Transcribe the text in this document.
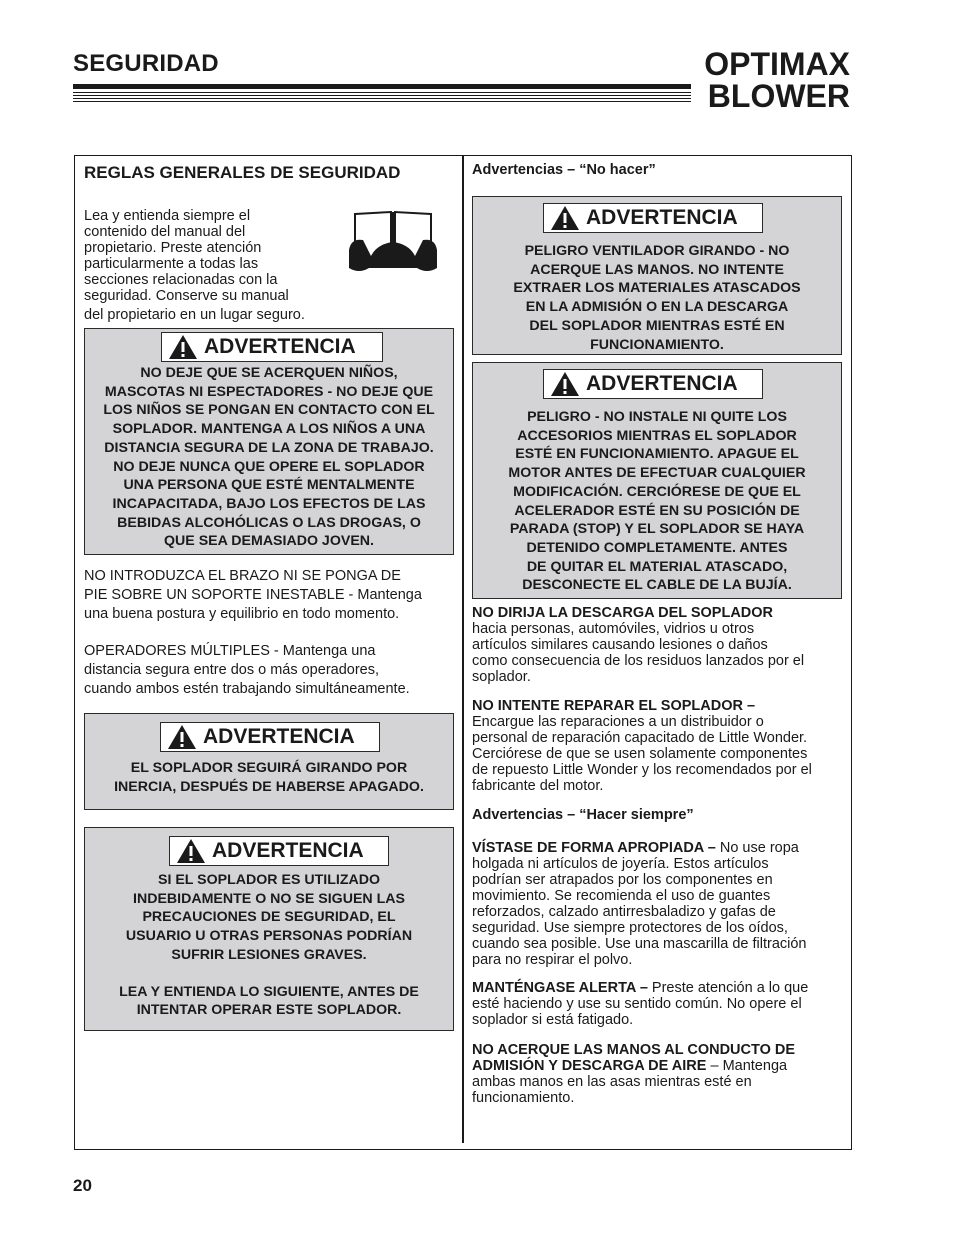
SEGURIDAD	OPTIMAX
BLOWER
REGLAS GENERALES DE SEGURIDAD
Lea y entienda siempre el
contenido del manual del
propietario. Preste atención
particularmente a todas las
secciones relacionadas con la
seguridad. Conserve su manual
del propietario en un lugar seguro.
ADVERTENCIA
NO DEJE QUE SE ACERQUEN NIÑOS,
MASCOTAS NI ESPECTADORES - NO DEJE QUE
LOS NIÑOS SE PONGAN EN CONTACTO CON EL
SOPLADOR. MANTENGA A LOS NIÑOS A UNA
DISTANCIA SEGURA DE LA ZONA DE TRABAJO.
NO DEJE NUNCA QUE OPERE EL SOPLADOR
UNA PERSONA QUE ESTÉ MENTALMENTE
INCAPACITADA, BAJO LOS EFECTOS DE LAS
BEBIDAS ALCOHÓLICAS O LAS DROGAS, O
QUE SEA DEMASIADO JOVEN.
NO INTRODUZCA EL BRAZO NI SE PONGA DE
PIE SOBRE UN SOPORTE INESTABLE - Mantenga
una buena postura y equilibrio en todo momento.
OPERADORES MÚLTIPLES - Mantenga una
distancia segura entre dos o más operadores,
cuando ambos estén trabajando simultáneamente.
ADVERTENCIA
EL SOPLADOR SEGUIRÁ GIRANDO POR
INERCIA, DESPUÉS DE HABERSE APAGADO.
ADVERTENCIA
SI EL SOPLADOR ES UTILIZADO
INDEBIDAMENTE O NO SE SIGUEN LAS
PRECAUCIONES DE SEGURIDAD, EL
USUARIO U OTRAS PERSONAS PODRÍAN
SUFRIR LESIONES GRAVES.
LEA Y ENTIENDA LO SIGUIENTE, ANTES DE
INTENTAR OPERAR ESTE SOPLADOR.
Advertencias – “No hacer”
ADVERTENCIA
PELIGRO VENTILADOR GIRANDO - NO
ACERQUE LAS MANOS. NO INTENTE
EXTRAER LOS MATERIALES ATASCADOS
EN LA ADMISIÓN O EN LA DESCARGA
DEL SOPLADOR MIENTRAS ESTÉ EN
FUNCIONAMIENTO.
ADVERTENCIA
PELIGRO - NO INSTALE NI QUITE LOS
ACCESORIOS MIENTRAS EL SOPLADOR
ESTÉ EN FUNCIONAMIENTO. APAGUE EL
MOTOR ANTES DE EFECTUAR CUALQUIER
MODIFICACIÓN. CERCIÓRESE DE QUE EL
ACELERADOR ESTÉ EN SU POSICIÓN DE
PARADA (STOP) Y EL SOPLADOR SE HAYA
DETENIDO COMPLETAMENTE. ANTES
DE QUITAR EL MATERIAL ATASCADO,
DESCONECTE EL CABLE DE LA BUJÍA.
NO DIRIJA LA DESCARGA DEL SOPLADOR
hacia personas, automóviles, vidrios u otros
artículos similares causando lesiones o daños
como consecuencia de los residuos lanzados por el
soplador.
NO INTENTE REPARAR EL SOPLADOR –
Encargue las reparaciones a un distribuidor o
personal de reparación capacitado de Little Wonder.
Cerciórese de que se usen solamente componentes
de repuesto Little Wonder y los recomendados por el
fabricante del motor.
Advertencias – “Hacer siempre”
VÍSTASE DE FORMA APROPIADA – No use ropa
holgada ni artículos de joyería. Estos artículos
podrían ser atrapados por los componentes en
movimiento. Se recomienda el uso de guantes
reforzados, calzado antirresbaladizo y gafas de
seguridad. Use siempre protectores de los oídos,
cuando sea posible. Use una mascarilla de filtración
para no respirar el polvo.
MANTÉNGASE ALERTA – Preste atención a lo que
esté haciendo y use su sentido común. No opere el
soplador si está fatigado.
NO ACERQUE LAS MANOS AL CONDUCTO DE
ADMISIÓN Y DESCARGA DE AIRE – Mantenga
ambas manos en las asas mientras esté en
funcionamiento.
20
